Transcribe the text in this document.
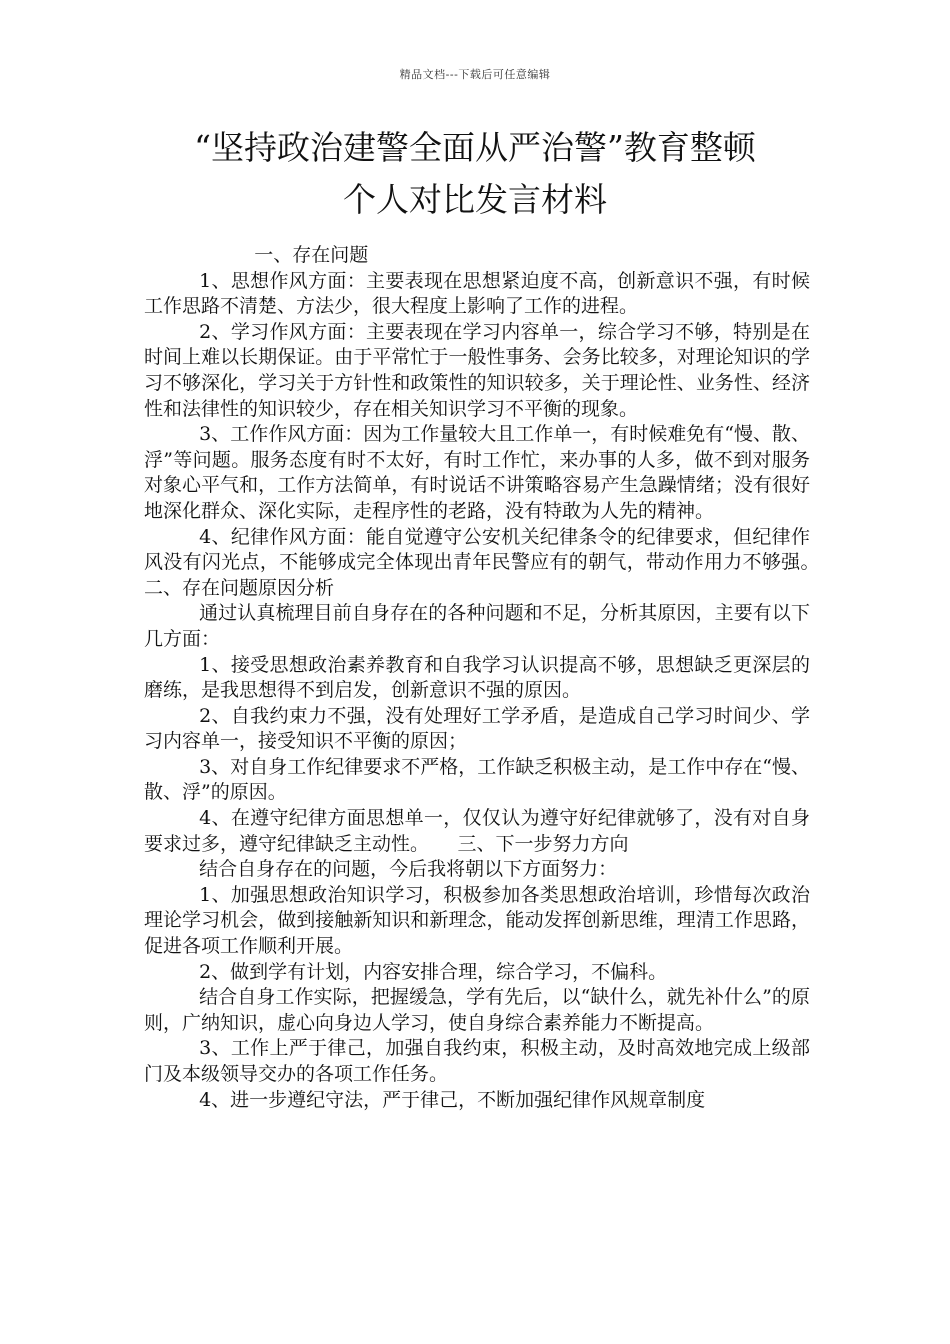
精品文档---下载后可任意编辑
“坚持政治建警全面从严治警”教育整顿
个人对比发言材料

一、存在问题

1、思想作风方面：主要表现在思想紧迫度不高，创新意识不强，有时候工作思路不清楚、方法少，很大程度上影响了工作的进程。

2、学习作风方面：主要表现在学习内容单一，综合学习不够，特别是在时间上难以长期保证。由于平常忙于一般性事务、会务比较多，对理论知识的学习不够深化，学习关于方针性和政策性的知识较多，关于理论性、业务性、经济性和法律性的知识较少，存在相关知识学习不平衡的现象。

3、工作作风方面：因为工作量较大且工作单一，有时候难免有“慢、散、浮”等问题。服务态度有时不太好，有时工作忙，来办事的人多，做不到对服务对象心平气和，工作方法简单，有时说话不讲策略容易产生急躁情绪；没有很好地深化群众、深化实际，走程序性的老路，没有特敢为人先的精神。

4、纪律作风方面：能自觉遵守公安机关纪律条令的纪律要求，但纪律作风没有闪光点，不能够成完全体现出青年民警应有的朝气，带动作用力不够强。　　二、存在问题原因分析

通过认真梳理目前自身存在的各种问题和不足，分析其原因，主要有以下几方面：

1、接受思想政治素养教育和自我学习认识提高不够，思想缺乏更深层的磨练，是我思想得不到启发，创新意识不强的原因。

2、自我约束力不强，没有处理好工学矛盾，是造成自己学习时间少、学习内容单一，接受知识不平衡的原因；

3、对自身工作纪律要求不严格，工作缺乏积极主动，是工作中存在“慢、散、浮”的原因。

4、在遵守纪律方面思想单一，仅仅认为遵守好纪律就够了，没有对自身要求过多，遵守纪律缺乏主动性。　　三、下一步努力方向

结合自身存在的问题，今后我将朝以下方面努力：

1、加强思想政治知识学习，积极参加各类思想政治培训，珍惜每次政治理论学习机会，做到接触新知识和新理念，能动发挥创新思维，理清工作思路，促进各项工作顺利开展。

2、做到学有计划，内容安排合理，综合学习，不偏科。

结合自身工作实际，把握缓急，学有先后，以“缺什么，就先补什么”的原则，广纳知识，虚心向身边人学习，使自身综合素养能力不断提高。

3、工作上严于律己，加强自我约束，积极主动，及时高效地完成上级部门及本级领导交办的各项工作任务。

4、进一步遵纪守法，严于律己，不断加强纪律作风规章制度
